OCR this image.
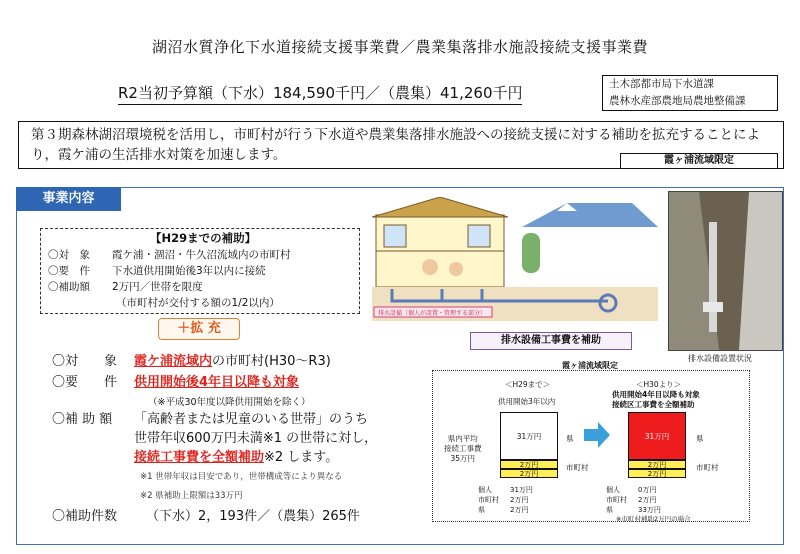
湖沼水質浄化下水道接続支援事業費／農業集落排水施設接続支援事業費
R2当初予算額（下水）184,590千円／（農集）41,260千円	土木部都市局下水道課
農林水産部農地局農地整備課
第３期森林湖沼環境税を活用し，市町村が行う下水道や農業集落排水施設への接続支援に対する補助を拡充することにより，霞ケ浦の生活排水対策を加速します。	霞ヶ浦流域限定
事業内容
【H29までの補助】
〇対　象 霞ケ浦・涸沼・牛久沼流域内の市町村
〇要　件 下水道供用開始後3年以内に接続
〇補助額 2万円／世帯を限度
（市町村が交付する額の1/2以内）
＋拡 充
〇対　　象 霞ケ浦流域内の市町村(H30〜R3)
〇要　　件 供用開始後4年目以降も対象
（※平成30年度以降供用開始を除く）
〇補 助 額 「高齢者または児童のいる世帯」のうち
世帯年収600万円未満※1 の世帯に対し，
接続工事費を全額補助※2 します。
※1 世帯年収は目安であり，世帯構成等により異なる
※2 県補助上限額は33万円
〇補助件数 （下水）2，193件／（農集）265件
排水設備（個人が設置・管理する部分）
排水設備工事費を補助
排水設備設置状況
霞ヶ浦流域限定
＜H29まで＞
供用開始3年以内
＜H30より＞
供用開始4年目以降も対象
接続区工事費を全額補助
県内平均
接続工事費
35万円
31万円
2万円
2万円
県
市町村
31万円
2万円
2万円
県
市町村
個人	31万円
市町村 2万円
県	2万円
個人	0万円
市町村 2万円
県	33万円
※市町村補助2万円の場合
